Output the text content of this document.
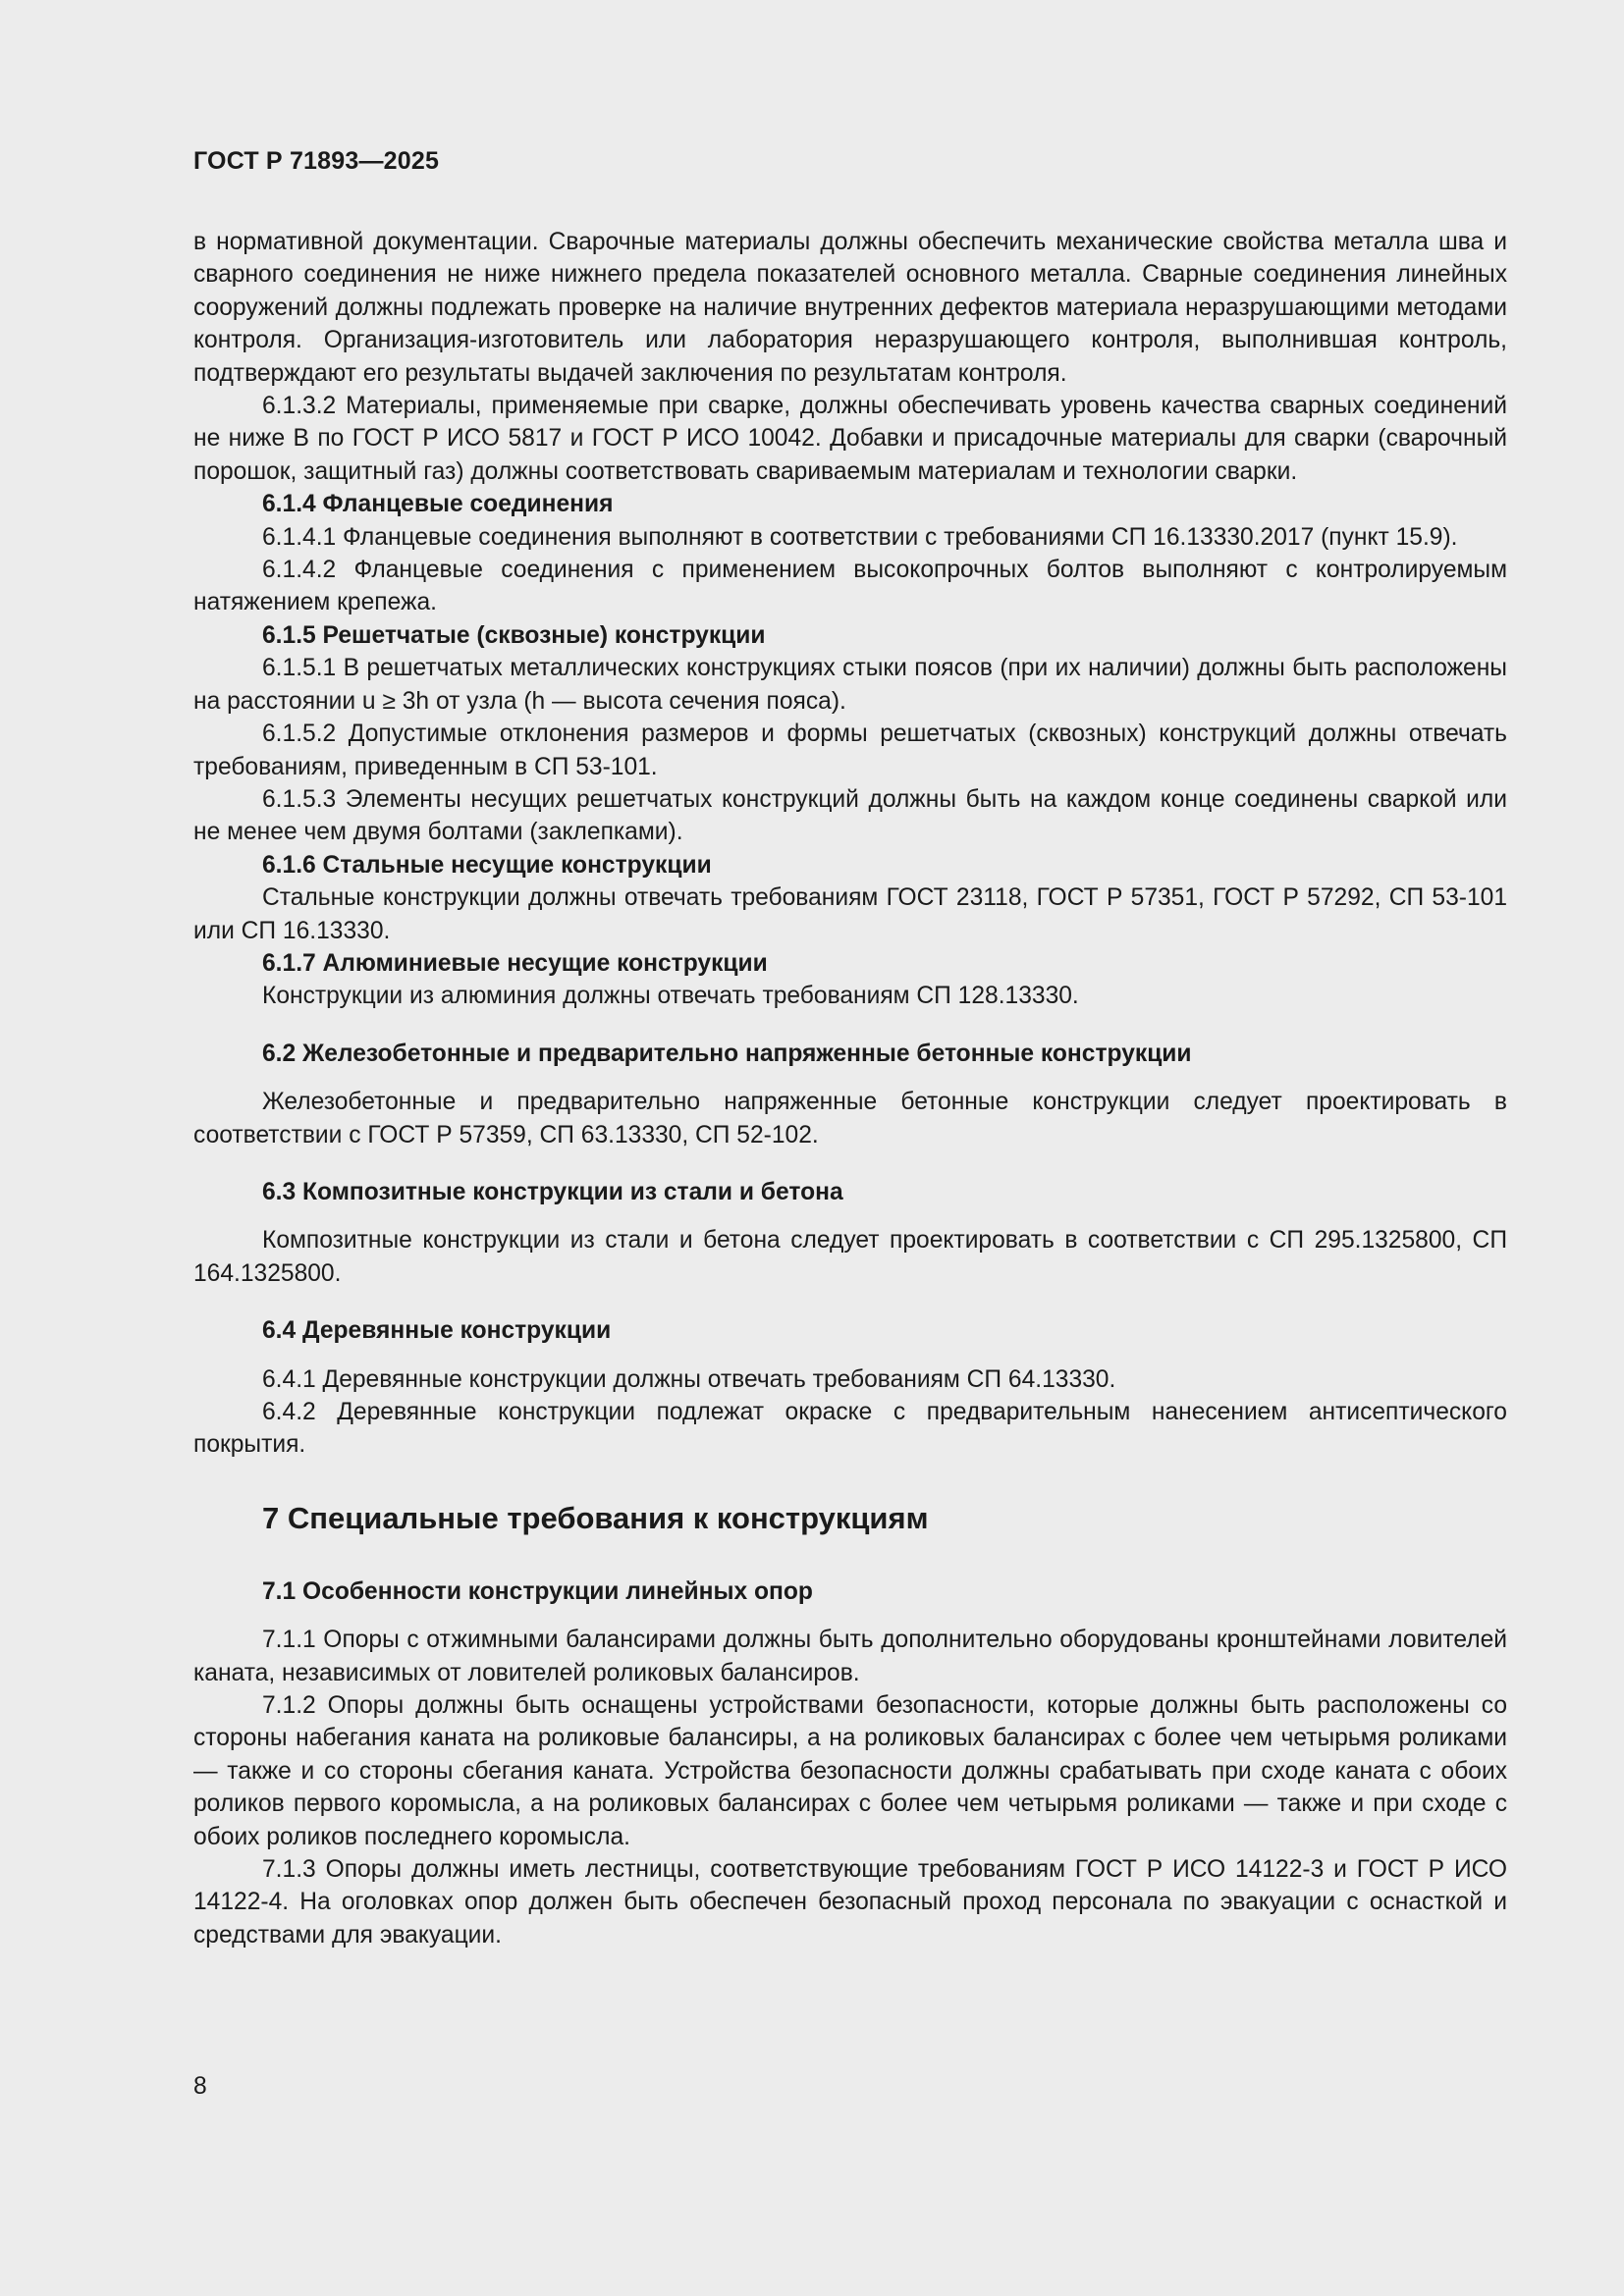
ГОСТ Р 71893—2025

в нормативной документации. Сварочные материалы должны обеспечить механические свойства металла шва и сварного соединения не ниже нижнего предела показателей основного металла. Сварные соединения линейных сооружений должны подлежать проверке на наличие внутренних дефектов материала неразрушающими методами контроля. Организация-изготовитель или лаборатория неразрушающего контроля, выполнившая контроль, подтверждают его результаты выдачей заключения по результатам контроля.

6.1.3.2 Материалы, применяемые при сварке, должны обеспечивать уровень качества сварных соединений не ниже B по ГОСТ Р ИСО 5817 и ГОСТ Р ИСО 10042. Добавки и присадочные материалы для сварки (сварочный порошок, защитный газ) должны соответствовать свариваемым материалам и технологии сварки.

6.1.4 Фланцевые соединения

6.1.4.1 Фланцевые соединения выполняют в соответствии с требованиями СП 16.13330.2017 (пункт 15.9).

6.1.4.2 Фланцевые соединения с применением высокопрочных болтов выполняют с контролируемым натяжением крепежа.

6.1.5 Решетчатые (сквозные) конструкции

6.1.5.1 В решетчатых металлических конструкциях стыки поясов (при их наличии) должны быть расположены на расстоянии u ≥ 3h от узла (h — высота сечения пояса).

6.1.5.2 Допустимые отклонения размеров и формы решетчатых (сквозных) конструкций должны отвечать требованиям, приведенным в СП 53-101.

6.1.5.3 Элементы несущих решетчатых конструкций должны быть на каждом конце соединены сваркой или не менее чем двумя болтами (заклепками).

6.1.6 Стальные несущие конструкции

Стальные конструкции должны отвечать требованиям ГОСТ 23118, ГОСТ Р 57351, ГОСТ Р 57292, СП 53-101 или СП 16.13330.

6.1.7 Алюминиевые несущие конструкции

Конструкции из алюминия должны отвечать требованиям СП 128.13330.

6.2 Железобетонные и предварительно напряженные бетонные конструкции

Железобетонные и предварительно напряженные бетонные конструкции следует проектировать в соответствии с ГОСТ Р 57359, СП 63.13330, СП 52-102.

6.3 Композитные конструкции из стали и бетона

Композитные конструкции из стали и бетона следует проектировать в соответствии с СП 295.1325800, СП 164.1325800.

6.4 Деревянные конструкции

6.4.1 Деревянные конструкции должны отвечать требованиям СП 64.13330.

6.4.2 Деревянные конструкции подлежат окраске с предварительным нанесением антисептического покрытия.

7 Специальные требования к конструкциям

7.1 Особенности конструкции линейных опор

7.1.1 Опоры с отжимными балансирами должны быть дополнительно оборудованы кронштейнами ловителей каната, независимых от ловителей роликовых балансиров.

7.1.2 Опоры должны быть оснащены устройствами безопасности, которые должны быть расположены со стороны набегания каната на роликовые балансиры, а на роликовых балансирах с более чем четырьмя роликами — также и со стороны сбегания каната. Устройства безопасности должны срабатывать при сходе каната с обоих роликов первого коромысла, а на роликовых балансирах с более чем четырьмя роликами — также и при сходе с обоих роликов последнего коромысла.

7.1.3 Опоры должны иметь лестницы, соответствующие требованиям ГОСТ Р ИСО 14122-3 и ГОСТ Р ИСО 14122-4. На оголовках опор должен быть обеспечен безопасный проход персонала по эвакуации с оснасткой и средствами для эвакуации.

8
